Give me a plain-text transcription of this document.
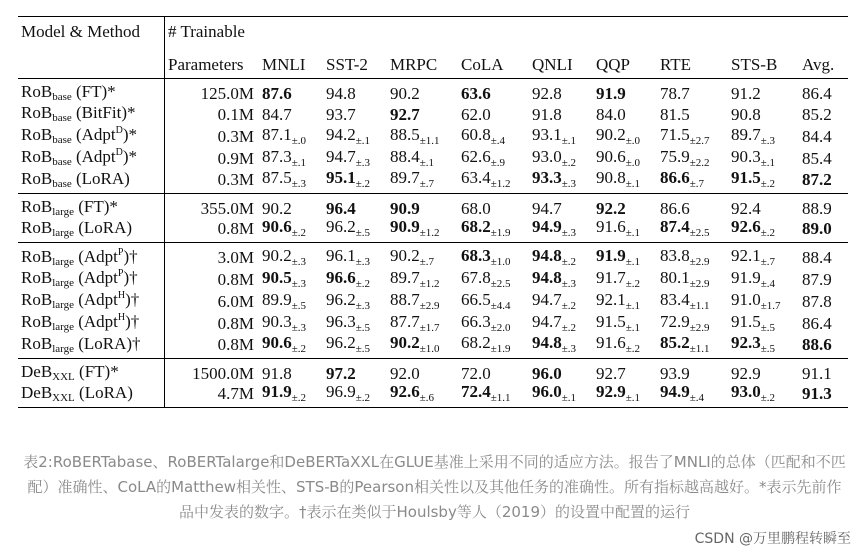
Model & Method	# Trainable									
	Parameters	MNLI	SST-2	MRPC	CoLA	QNLI	QQP	RTE	STS-B	Avg.
RoB$_{base}$ (FT)*	125.0M	87.6	94.8	90.2	63.6	92.8	91.9	78.7	91.2	86.4
RoB$_{base}$ (BitFit)*	0.1M	84.7	93.7	92.7	62.0	91.8	84.0	81.5	90.8	85.2
RoB$_{base}$ (Adpt$^D$)*	0.3M	$87.1_{\pm.0}$	$94.2_{\pm.1}$	$88.5_{\pm 1.1}$	$60.8_{\pm.4}$	$93.1_{\pm.1}$	$90.2_{\pm.0}$	$71.5_{\pm 2.7}$	$89.7_{\pm.3}$	84.4
RoB$_{base}$ (Adpt$^D$)*	0.9M	$87.3_{\pm.1}$	$94.7_{\pm.3}$	$88.4_{\pm.1}$	$62.6_{\pm.9}$	$93.0_{\pm.2}$	$90.6_{\pm.0}$	$75.9_{\pm 2.2}$	$90.3_{\pm.1}$	85.4
RoB$_{base}$ (LoRA)	0.3M	$87.5_{\pm.3}$	$95.1_{\pm.2}$	$89.7_{\pm.7}$	$63.4_{\pm 1.2}$	$93.3_{\pm.3}$	$90.8_{\pm.1}$	$86.6_{\pm.7}$	$91.5_{\pm.2}$	87.2
RoB$_{large}$ (FT)*	355.0M	90.2	96.4	90.9	68.0	94.7	92.2	86.6	92.4	88.9
RoB$_{large}$ (LoRA)	0.8M	$90.6_{\pm.2}$	$96.2_{\pm.5}$	$90.9_{\pm 1.2}$	$68.2_{\pm 1.9}$	$94.9_{\pm.3}$	$91.6_{\pm.1}$	$87.4_{\pm 2.5}$	$92.6_{\pm.2}$	89.0
RoB$_{large}$ (Adpt$^P$)†	3.0M	$90.2_{\pm.3}$	$96.1_{\pm.3}$	$90.2_{\pm.7}$	$68.3_{\pm 1.0}$	$94.8_{\pm.2}$	$91.9_{\pm.1}$	$83.8_{\pm 2.9}$	$92.1_{\pm.7}$	88.4
RoB$_{large}$ (Adpt$^P$)†	0.8M	$90.5_{\pm.3}$	$96.6_{\pm.2}$	$89.7_{\pm 1.2}$	$67.8_{\pm 2.5}$	$94.8_{\pm.3}$	$91.7_{\pm.2}$	$80.1_{\pm 2.9}$	$91.9_{\pm.4}$	87.9
RoB$_{large}$ (Adpt$^H$)†	6.0M	$89.9_{\pm.5}$	$96.2_{\pm.3}$	$88.7_{\pm 2.9}$	$66.5_{\pm 4.4}$	$94.7_{\pm.2}$	$92.1_{\pm.1}$	$83.4_{\pm 1.1}$	$91.0_{\pm 1.7}$	87.8
RoB$_{large}$ (Adpt$^H$)†	0.8M	$90.3_{\pm.3}$	$96.3_{\pm.5}$	$87.7_{\pm 1.7}$	$66.3_{\pm 2.0}$	$94.7_{\pm.2}$	$91.5_{\pm.1}$	$72.9_{\pm 2.9}$	$91.5_{\pm.5}$	86.4
RoB$_{large}$ (LoRA)†	0.8M	$90.6_{\pm.2}$	$96.2_{\pm.5}$	$90.2_{\pm 1.0}$	$68.2_{\pm 1.9}$	$94.8_{\pm.3}$	$91.6_{\pm.2}$	$85.2_{\pm 1.1}$	$92.3_{\pm.5}$	88.6
DeB$_{XXL}$ (FT)*	1500.0M	91.8	97.2	92.0	72.0	96.0	92.7	93.9	92.9	91.1
DeB$_{XXL}$ (LoRA)	4.7M	$91.9_{\pm.2}$	$96.9_{\pm.2}$	$92.6_{\pm.6}$	$72.4_{\pm 1.1}$	$96.0_{\pm.1}$	$92.9_{\pm.1}$	$94.9_{\pm.4}$	$93.0_{\pm.2}$	91.3
表2:RoBERTabase、RoBERTalarge和DeBERTaXXL在GLUE基准上采用不同的适应方法。报告了MNLI的总体（匹配和不匹配）准确性、CoLA的Matthew相关性、STS-B的Pearson相关性以及其他任务的准确性。所有指标越高越好。*表示先前作品中发表的数字。†表示在类似于Houlsby等人（2019）的设置中配置的运行
CSDN @万里鹏程转瞬至
